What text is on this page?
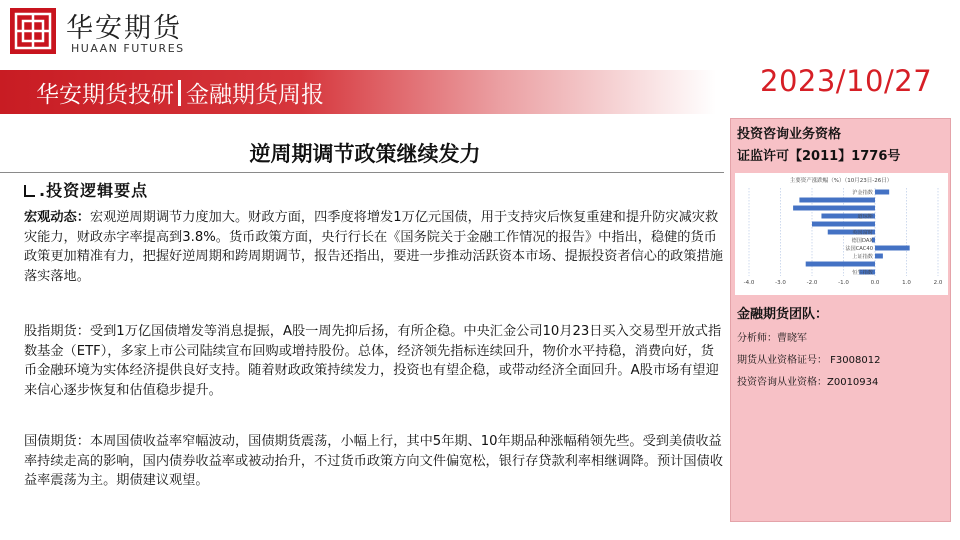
华安期货
HUAAN FUTURES
华安期货投研 金融期货周报	2023/10/27
逆周期调节政策继续发力
.投资逻辑要点
宏观动态：宏观逆周期调节力度加大。财政方面，四季度将增发1万亿元国债，用于支持灾后恢复重建和提升防灾减灾救灾能力，财政赤字率提高到3.8%。货币政策方面，央行行长在《国务院关于金融工作情况的报告》中指出，稳健的货币政策更加精准有力，把握好逆周期和跨周期调节，报告还指出，要进一步推动活跃资本市场、提振投资者信心的政策措施落实落地。
股指期货：受到1万亿国债增发等消息提振，A股一周先抑后扬，有所企稳。中央汇金公司10月23日买入交易型开放式指数基金（ETF），多家上市公司陆续宣布回购或增持股份。总体，经济领先指标连续回升，物价水平持稳，消费向好，货币金融环境为实体经济提供良好支持。随着财政政策持续发力，投资也有望企稳，或带动经济全面回升。A股市场有望迎来信心逐步恢复和估值稳步提升。
国债期货：本周国债收益率窄幅波动，国债期货震荡，小幅上行，其中5年期、10年期品种涨幅稍领先些。受到美债收益率持续走高的影响，国内债券收益率或被动抬升，不过货币政策方向文件偏宽松，银行存贷款利率相继调降。预计国债收益率震荡为主。期债建议观望。
投资咨询业务资格
证监许可【2011】1776号
主要资产涨跌幅（%）（10月23日-26日）
沪金指数
道琼斯
英国富时
德国DAX
法国CAC40
上证指数
恒生指数
-4.0	-3.0	-2.0	-1.0	0.0	1.0	2.0
金融期货团队：
分析师：曹晓军
期货从业资格证号： F3008012
投资咨询从业资格：Z0010934
